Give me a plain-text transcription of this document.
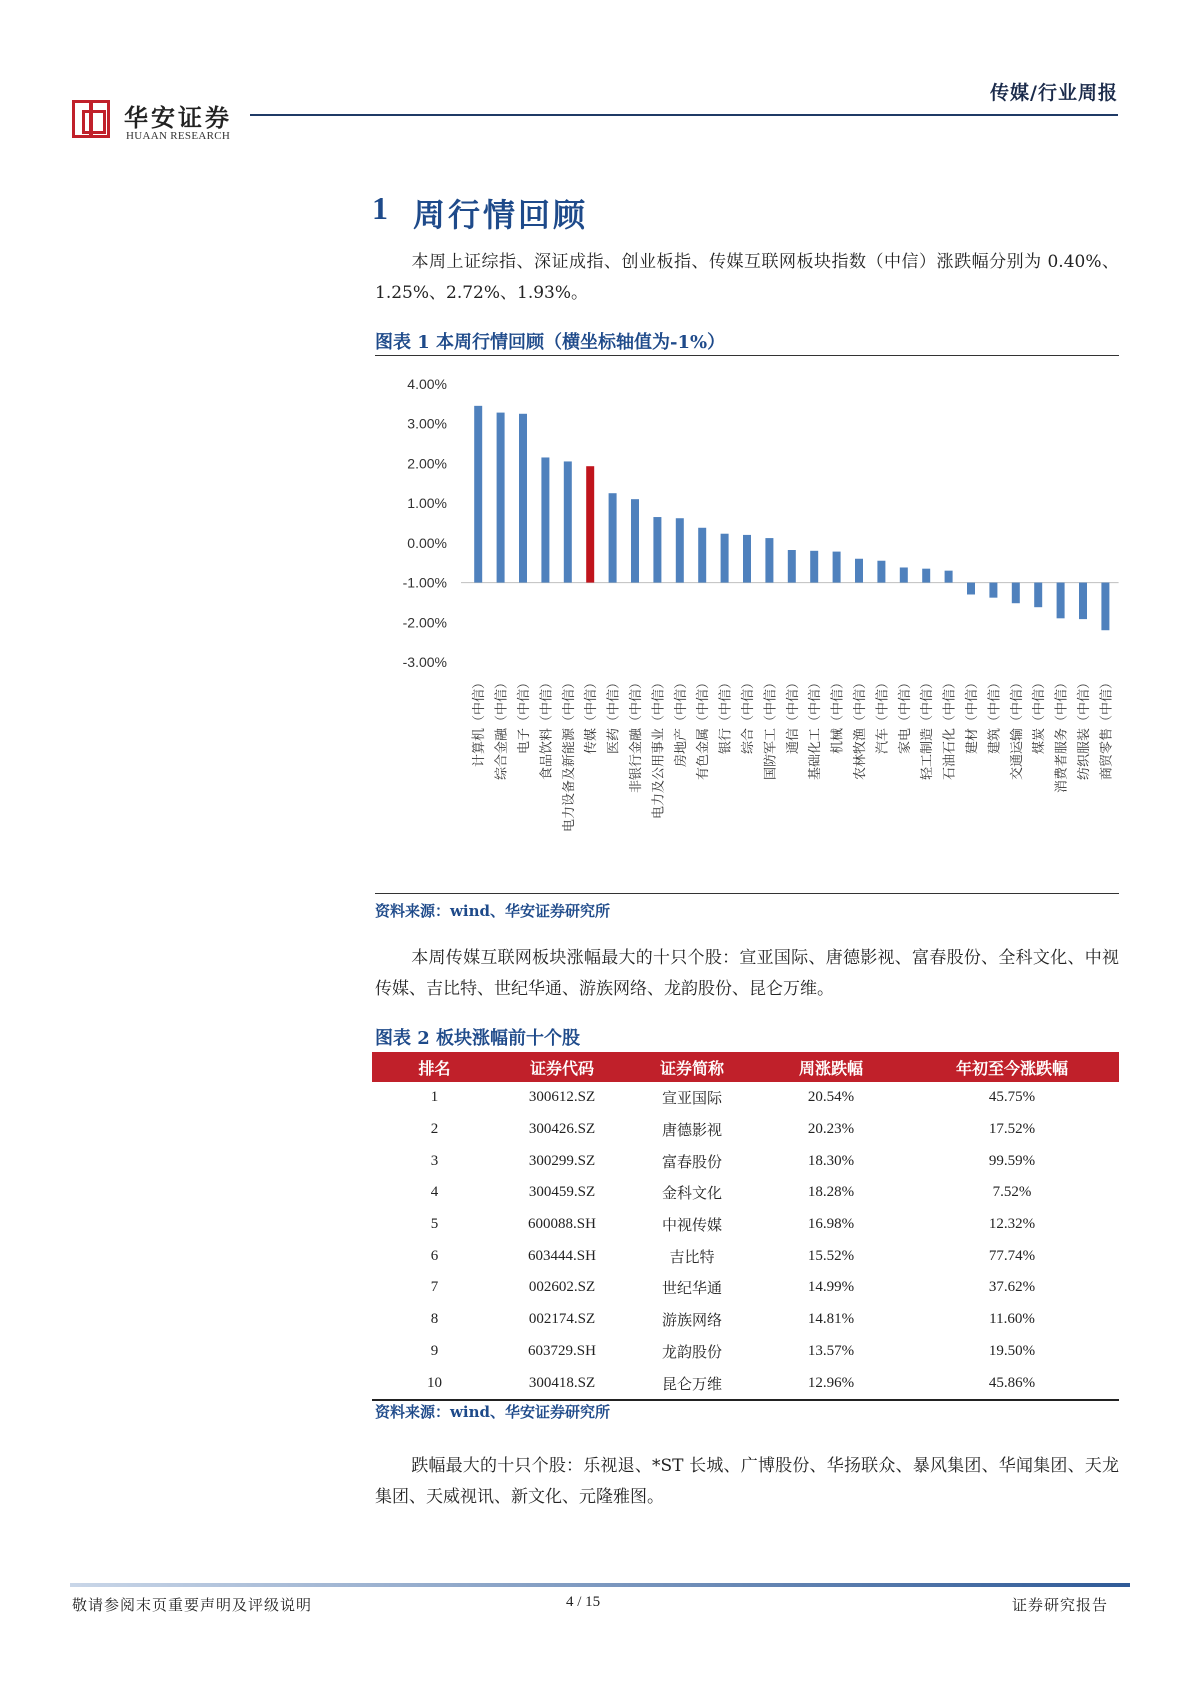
华安证券
HUAAN RESEARCH
传媒/行业周报
1 周行情回顾
本周上证综指、深证成指、创业板指、传媒互联网板块指数（中信）涨跌幅分别为 0.40%、1.25%、2.72%、1.93%。
图表 1 本周行情回顾（横坐标轴值为-1%）
4.00%
3.00%
2.00%
1.00%
0.00%
-1.00%
-2.00%
-3.00%
计算机（中信） 综合金融（中信） 电子（中信） 食品饮料（中信） 电力设备及新能源（中信） 传媒（中信） 医药（中信） 非银行金融（中信） 电力及公用事业（中信） 房地产（中信） 有色金属（中信） 银行（中信） 综合（中信） 国防军工（中信） 通信（中信） 基础化工（中信） 机械（中信） 农林牧渔（中信） 汽车（中信） 家电（中信） 轻工制造（中信） 石油石化（中信） 建材（中信） 建筑（中信） 交通运输（中信） 煤炭（中信） 消费者服务（中信） 纺织服装（中信） 商贸零售（中信）
资料来源：wind、华安证券研究所
本周传媒互联网板块涨幅最大的十只个股：宣亚国际、唐德影视、富春股份、全科文化、中视传媒、吉比特、世纪华通、游族网络、龙韵股份、昆仑万维。
图表 2 板块涨幅前十个股
排名	证券代码	证券简称	周涨跌幅	年初至今涨跌幅
1	300612.SZ	宣亚国际	20.54%	45.75%
2	300426.SZ	唐德影视	20.23%	17.52%
3	300299.SZ	富春股份	18.30%	99.59%
4	300459.SZ	金科文化	18.28%	7.52%
5	600088.SH	中视传媒	16.98%	12.32%
6	603444.SH	吉比特	15.52%	77.74%
7	002602.SZ	世纪华通	14.99%	37.62%
8	002174.SZ	游族网络	14.81%	11.60%
9	603729.SH	龙韵股份	13.57%	19.50%
10	300418.SZ	昆仑万维	12.96%	45.86%
资料来源：wind、华安证券研究所
跌幅最大的十只个股：乐视退、*ST 长城、广博股份、华扬联众、暴风集团、华闻集团、天龙集团、天威视讯、新文化、元隆雅图。
敬请参阅末页重要声明及评级说明	4 / 15	证券研究报告
